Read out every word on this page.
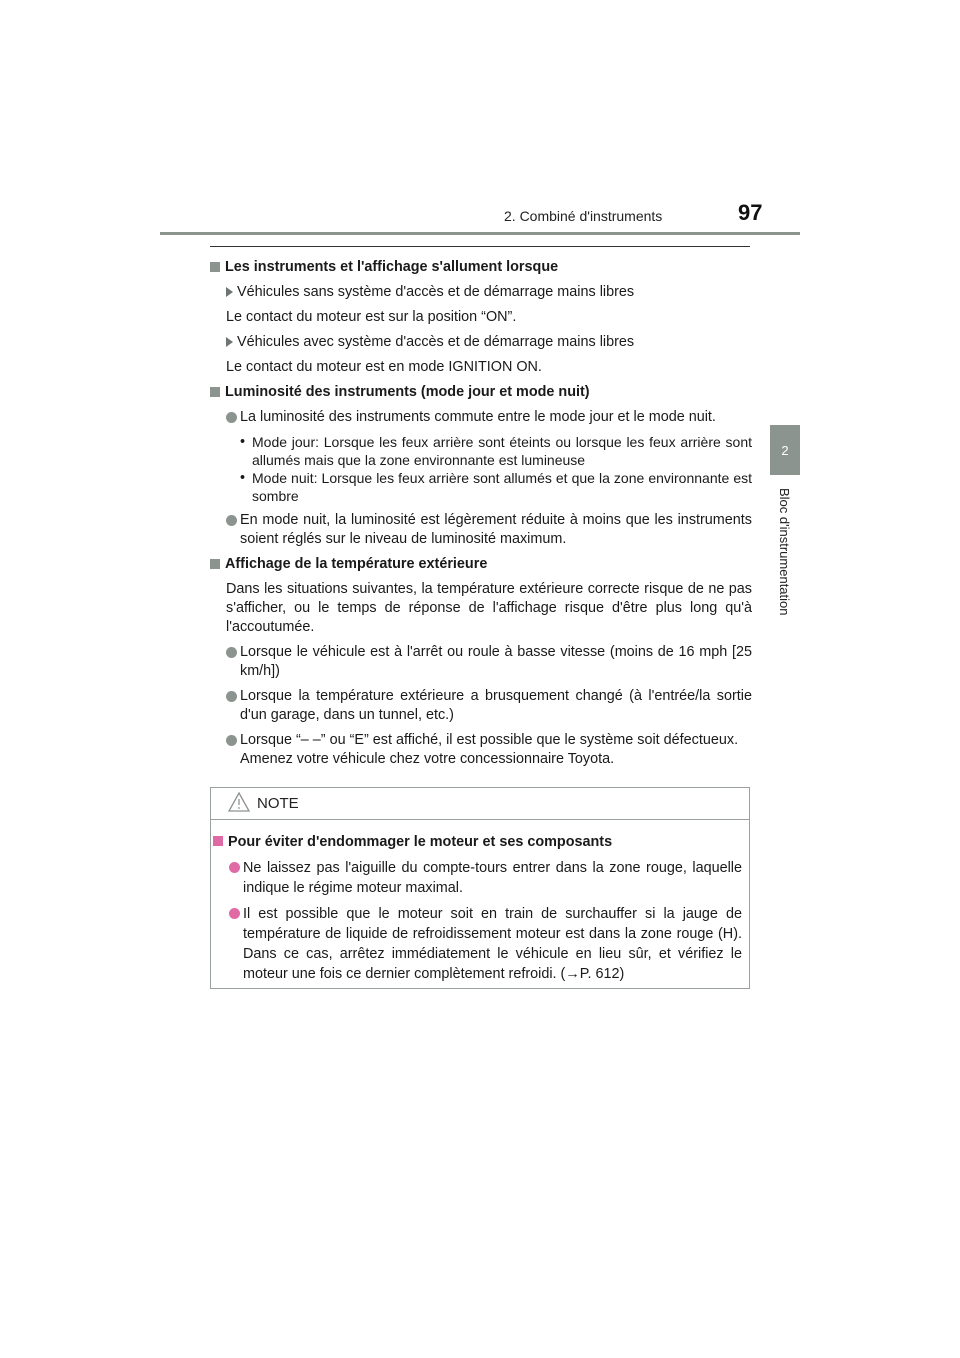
2. Combiné d'instruments	97
2
Bloc d'instrumentation
Les instruments et l'affichage s'allument lorsque
Véhicules sans système d'accès et de démarrage mains libres
Le contact du moteur est sur la position “ON”.
Véhicules avec système d'accès et de démarrage mains libres
Le contact du moteur est en mode IGNITION ON.
Luminosité des instruments (mode jour et mode nuit)
La luminosité des instruments commute entre le mode jour et le mode nuit.
• Mode jour: Lorsque les feux arrière sont éteints ou lorsque les feux arrière sont allumés mais que la zone environnante est lumineuse
• Mode nuit: Lorsque les feux arrière sont allumés et que la zone environnante est sombre
En mode nuit, la luminosité est légèrement réduite à moins que les instruments soient réglés sur le niveau de luminosité maximum.
Affichage de la température extérieure
Dans les situations suivantes, la température extérieure correcte risque de ne pas s'afficher, ou le temps de réponse de l'affichage risque d'être plus long qu'à l'accoutumée.
Lorsque le véhicule est à l'arrêt ou roule à basse vitesse (moins de 16 mph [25 km/h])
Lorsque la température extérieure a brusquement changé (à l'entrée/la sortie d'un garage, dans un tunnel, etc.)
Lorsque “– –” ou “E” est affiché, il est possible que le système soit défectueux.
Amenez votre véhicule chez votre concessionnaire Toyota.
NOTE
Pour éviter d'endommager le moteur et ses composants
Ne laissez pas l'aiguille du compte-tours entrer dans la zone rouge, laquelle indique le régime moteur maximal.
Il est possible que le moteur soit en train de surchauffer si la jauge de température de liquide de refroidissement moteur est dans la zone rouge (H). Dans ce cas, arrêtez immédiatement le véhicule en lieu sûr, et vérifiez le moteur une fois ce dernier complètement refroidi. (→P. 612)
